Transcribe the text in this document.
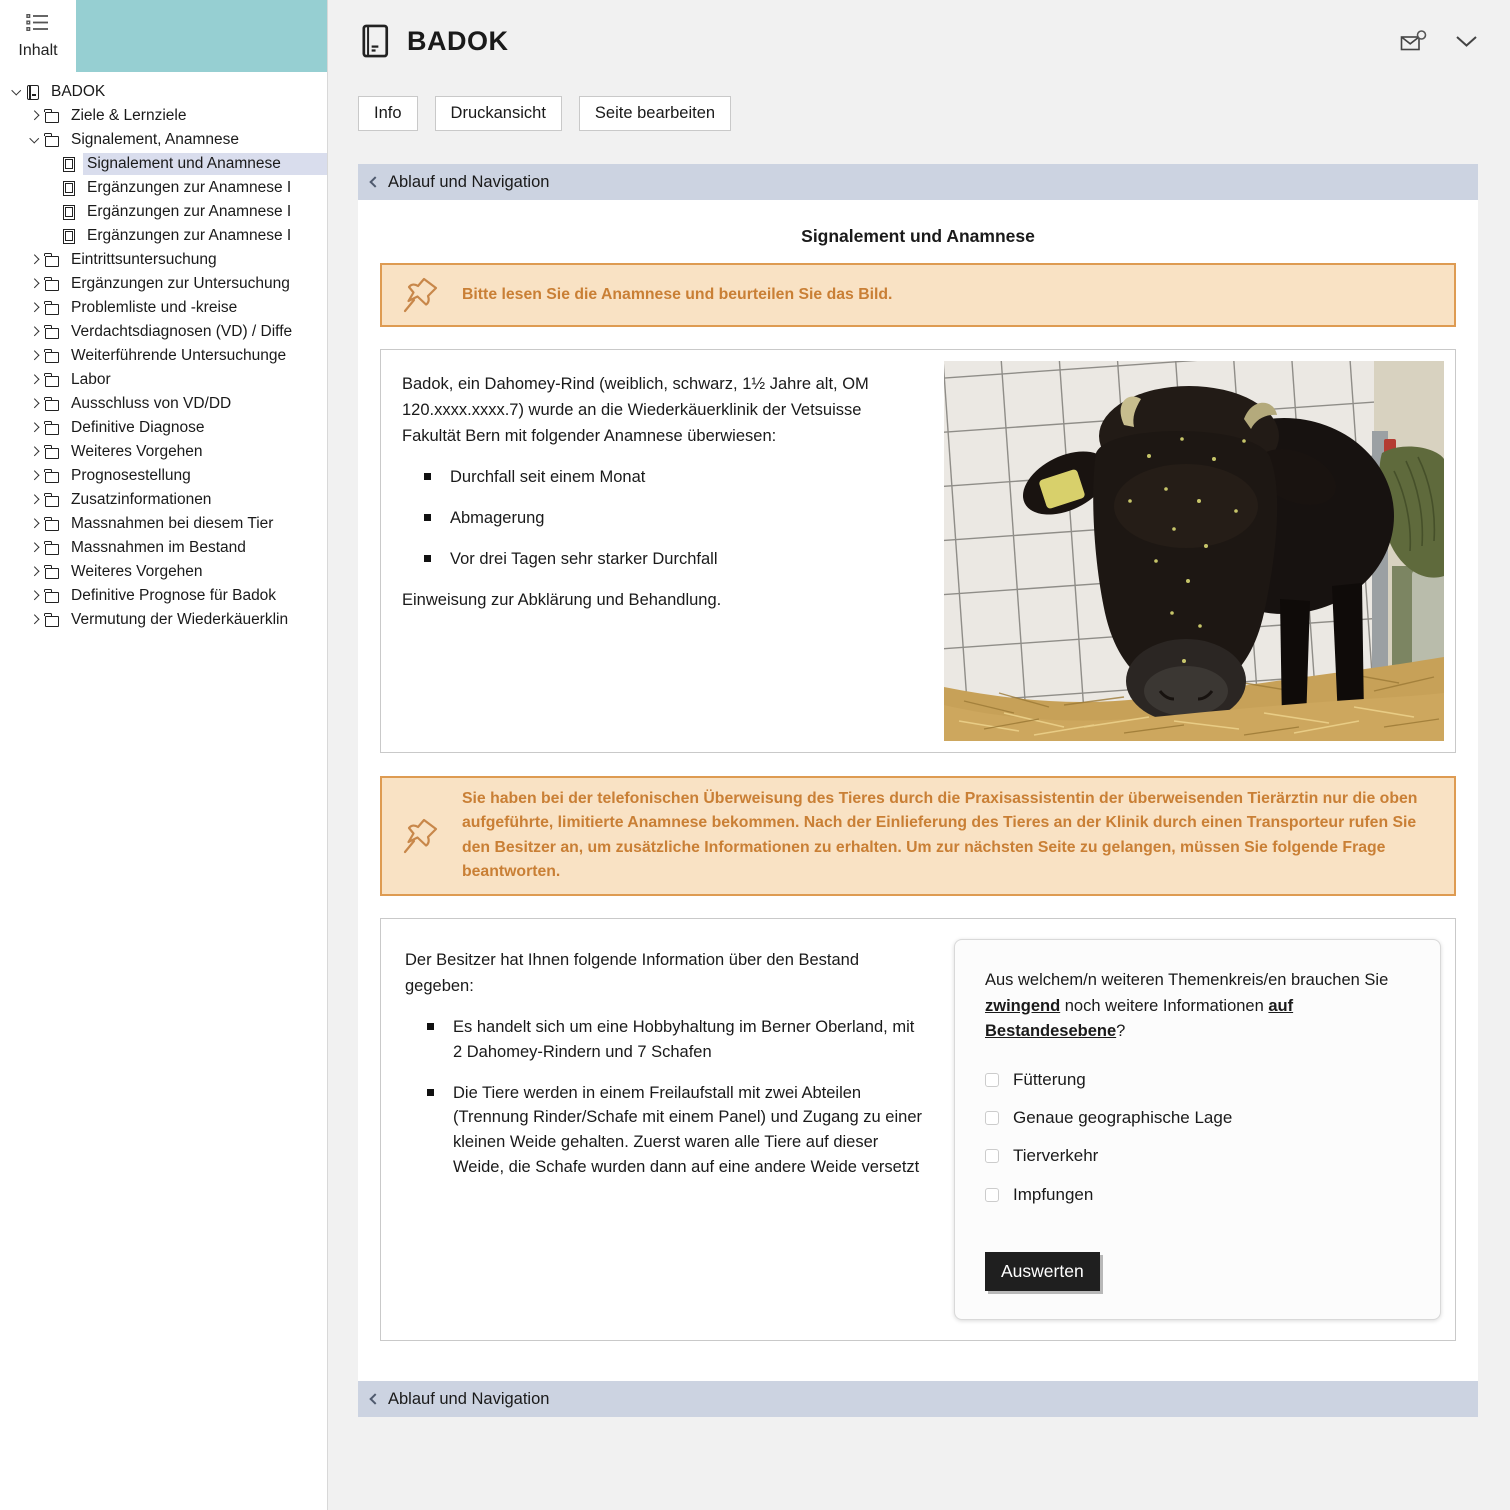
Inhalt
BADOK
Ziele & Lernziele
Signalement, Anamnese
Signalement und Anamnese
Ergänzungen zur Anamnese I
Ergänzungen zur Anamnese I
Ergänzungen zur Anamnese I
Eintrittsuntersuchung
Ergänzungen zur Untersuchung
Problemliste und -kreise
Verdachtsdiagnosen (VD) / Diffe
Weiterführende Untersuchunge
Labor
Ausschluss von VD/DD
Definitive Diagnose
Weiteres Vorgehen
Prognosestellung
Zusatzinformationen
Massnahmen bei diesem Tier
Massnahmen im Bestand
Weiteres Vorgehen
Definitive Prognose für Badok
Vermutung der Wiederkäuerklin
BADOK
Info	Druckansicht	Seite bearbeiten
Ablauf und Navigation
Signalement und Anamnese
Bitte lesen Sie die Anamnese und beurteilen Sie das Bild.

Badok, ein Dahomey-Rind (weiblich, schwarz, 1½ Jahre alt, OM 120.xxxx.xxxx.7) wurde an die Wiederkäuerklinik der Vetsuisse Fakultät Bern mit folgender Anamnese überwiesen:

Durchfall seit einem Monat
Abmagerung
Vor drei Tagen sehr starker Durchfall

Einweisung zur Abklärung und Behandlung.

Sie haben bei der telefonischen Überweisung des Tieres durch die Praxisassistentin der überweisenden Tierärztin nur die oben aufgeführte, limitierte Anamnese bekommen. Nach der Einlieferung des Tieres an der Klinik durch einen Transporteur rufen Sie den Besitzer an, um zusätzliche Informationen zu erhalten. Um zur nächsten Seite zu gelangen, müssen Sie folgende Frage beantworten.

Der Besitzer hat Ihnen folgende Information über den Bestand gegeben:

Es handelt sich um eine Hobbyhaltung im Berner Oberland, mit 2 Dahomey-Rindern und 7 Schafen
Die Tiere werden in einem Freilaufstall mit zwei Abteilen (Trennung Rinder/Schafe mit einem Panel) und Zugang zu einer kleinen Weide gehalten. Zuerst waren alle Tiere auf dieser Weide, die Schafe wurden dann auf eine andere Weide versetzt
Aus welchem/n weiteren Themenkreis/en brauchen Sie zwingend noch weitere Informationen auf Bestandesebene?
Fütterung
Genaue geographische Lage
Tierverkehr
Impfungen
Auswerten
Ablauf und Navigation
